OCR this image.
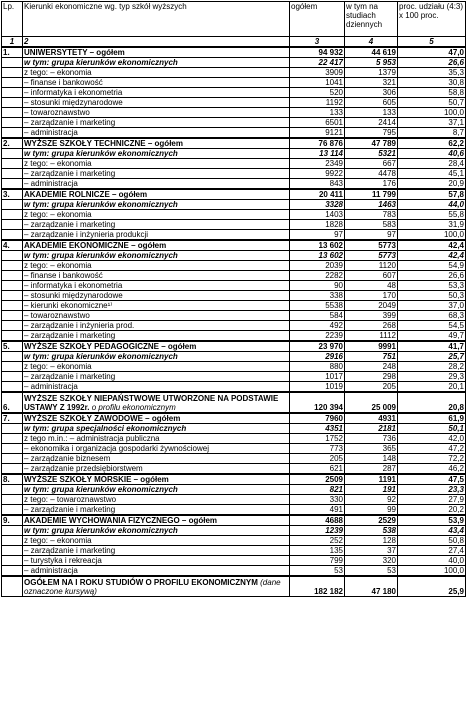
Lp.	Kierunki ekonomiczne wg. typ szkół wyższych	ogółem	w tym na studiach dziennych	proc. udziału (4:3) x 100 proc.
1	2	3	4	5
1.	UNIWERSYTETY – ogółem	94 932	44 619	47,0
	w tym: grupa kierunków ekonomicznych	22 417	5 953	26,6
	z tego: – ekonomia	3909	1379	35,3
	– finanse i bankowość	1041	321	30,8
	– informatyka i ekonometria	520	306	58,8
	– stosunki międzynarodowe	1192	605	50,7
	– towaroznawstwo	133	133	100,0
	– zarządzanie i marketing	6501	2414	37,1
	– administracja	9121	795	8,7
2.	WYŻSZE SZKOŁY TECHNICZNE – ogółem	76 876	47 789	62,2
	w tym: grupa kierunków ekonomicznych	13 114	5321	40,6
	z tego: – ekonomia	2349	667	28,4
	– zarządzanie i marketing	9922	4478	45,1
	– administracja	843	176	20,9
3.	AKADEMIE ROLNICZE – ogółem	20 411	11 799	57,8
	w tym: grupa kierunków ekonomicznych	3328	1463	44,0
	z tego: – ekonomia	1403	783	55,8
	– zarządzanie i marketing	1828	583	31,9
	– zarządzanie i inżynieria produkcji	97	97	100,0
4.	AKADEMIE EKONOMICZNE – ogółem	13 602	5773	42,4
	w tym: grupa kierunków ekonomicznych	13 602	5773	42,4
	z tego: – ekonomia	2039	1120	54,9
	– finanse i bankowość	2282	607	26,6
	– informatyka i ekonometria	90	48	53,3
	– stosunki międzynarodowe	338	170	50,3
	– kierunki ekonomiczne¹⁾	5538	2049	37,0
	– towaroznawstwo	584	399	68,3
	– zarządzanie i inżynieria prod.	492	268	54,5
	– zarządzanie i marketing	2239	1112	49,7
5.	WYŻSZE SZKOŁY PEDAGOGICZNE – ogółem	23 970	9991	41,7
	w tym: grupa kierunków ekonomicznych	2916	751	25,7
	z tego: – ekonomia	880	248	28,2
	– zarządzanie i marketing	1017	298	29,3
	– administracja	1019	205	20,1
6.	WYŻSZE SZKOŁY NIEPAŃSTWOWE UTWORZONE NA PODSTAWIE USTAWY Z 1992r. o profilu ekonomicznym	120 394	25 009	20,8
7.	WYŻSZE SZKOŁY ZAWODOWE – ogółem	7960	4931	61,9
	w tym: grupa specjalności ekonomicznych	4351	2181	50,1
	z tego m.in.: – administracja publiczna	1752	736	42,0
	– ekonomika i organizacja gospodarki żywnościowej	773	365	47,2
	– zarządzanie biznesem	205	148	72,2
	– zarządzanie przedsiębiorstwem	621	287	46,2
8.	WYŻSZE SZKOŁY MORSKIE – ogółem	2509	1191	47,5
	w tym: grupa kierunków ekonomicznych	821	191	23,3
	z tego: – towaroznawstwo	330	92	27,9
	– zarządzanie i marketing	491	99	20,2
9.	AKADEMIE WYCHOWANIA FIZYCZNEGO – ogółem	4688	2529	53,9
	w tym: grupa kierunków ekonomicznych	1239	538	43,4
	z tego: – ekonomia	252	128	50,8
	– zarządzanie i marketing	135	37	27,4
	– turystyka i rekreacja	799	320	40,0
	– administracja	53	53	100,0
	OGÓŁEM NA I ROKU STUDIÓW O PROFILU EKONOMICZNYM (dane oznaczone kursywą)	182 182	47 180	25,9
